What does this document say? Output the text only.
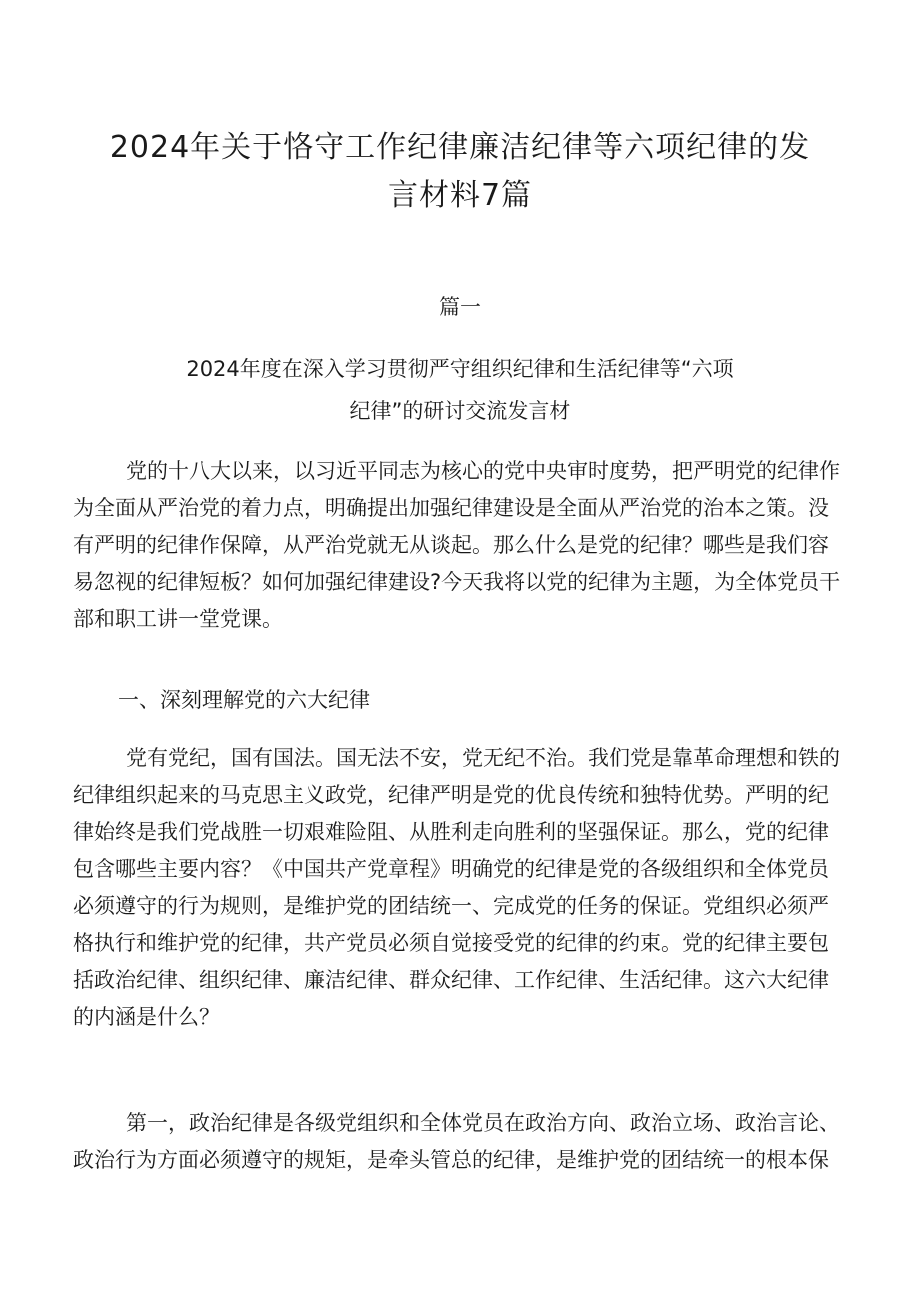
2024年关于恪守工作纪律廉洁纪律等六项纪律的发
言材料7篇
篇一
2024年度在深入学习贯彻严守组织纪律和生活纪律等“六项
纪律”的研讨交流发言材

党的十八大以来，以习近平同志为核心的党中央审时度势，把严明党的纪律作
为全面从严治党的着力点，明确提出加强纪律建设是全面从严治党的治本之策。没
有严明的纪律作保障，从严治党就无从谈起。那么什么是党的纪律？哪些是我们容
易忽视的纪律短板？如何加强纪律建设?今天我将以党的纪律为主题，为全体党员干
部和职工讲一堂党课。

一、深刻理解党的六大纪律

党有党纪，国有国法。国无法不安，党无纪不治。我们党是靠革命理想和铁的
纪律组织起来的马克思主义政党，纪律严明是党的优良传统和独特优势。严明的纪
律始终是我们党战胜一切艰难险阻、从胜利走向胜利的坚强保证。那么，党的纪律
包含哪些主要内容？《中国共产党章程》明确党的纪律是党的各级组织和全体党员
必须遵守的行为规则，是维护党的团结统一、完成党的任务的保证。党组织必须严
格执行和维护党的纪律，共产党员必须自觉接受党的纪律的约束。党的纪律主要包
括政治纪律、组织纪律、廉洁纪律、群众纪律、工作纪律、生活纪律。这六大纪律
的内涵是什么？

第一，政治纪律是各级党组织和全体党员在政治方向、政治立场、政治言论、
政治行为方面必须遵守的规矩，是牵头管总的纪律，是维护党的团结统一的根本保
